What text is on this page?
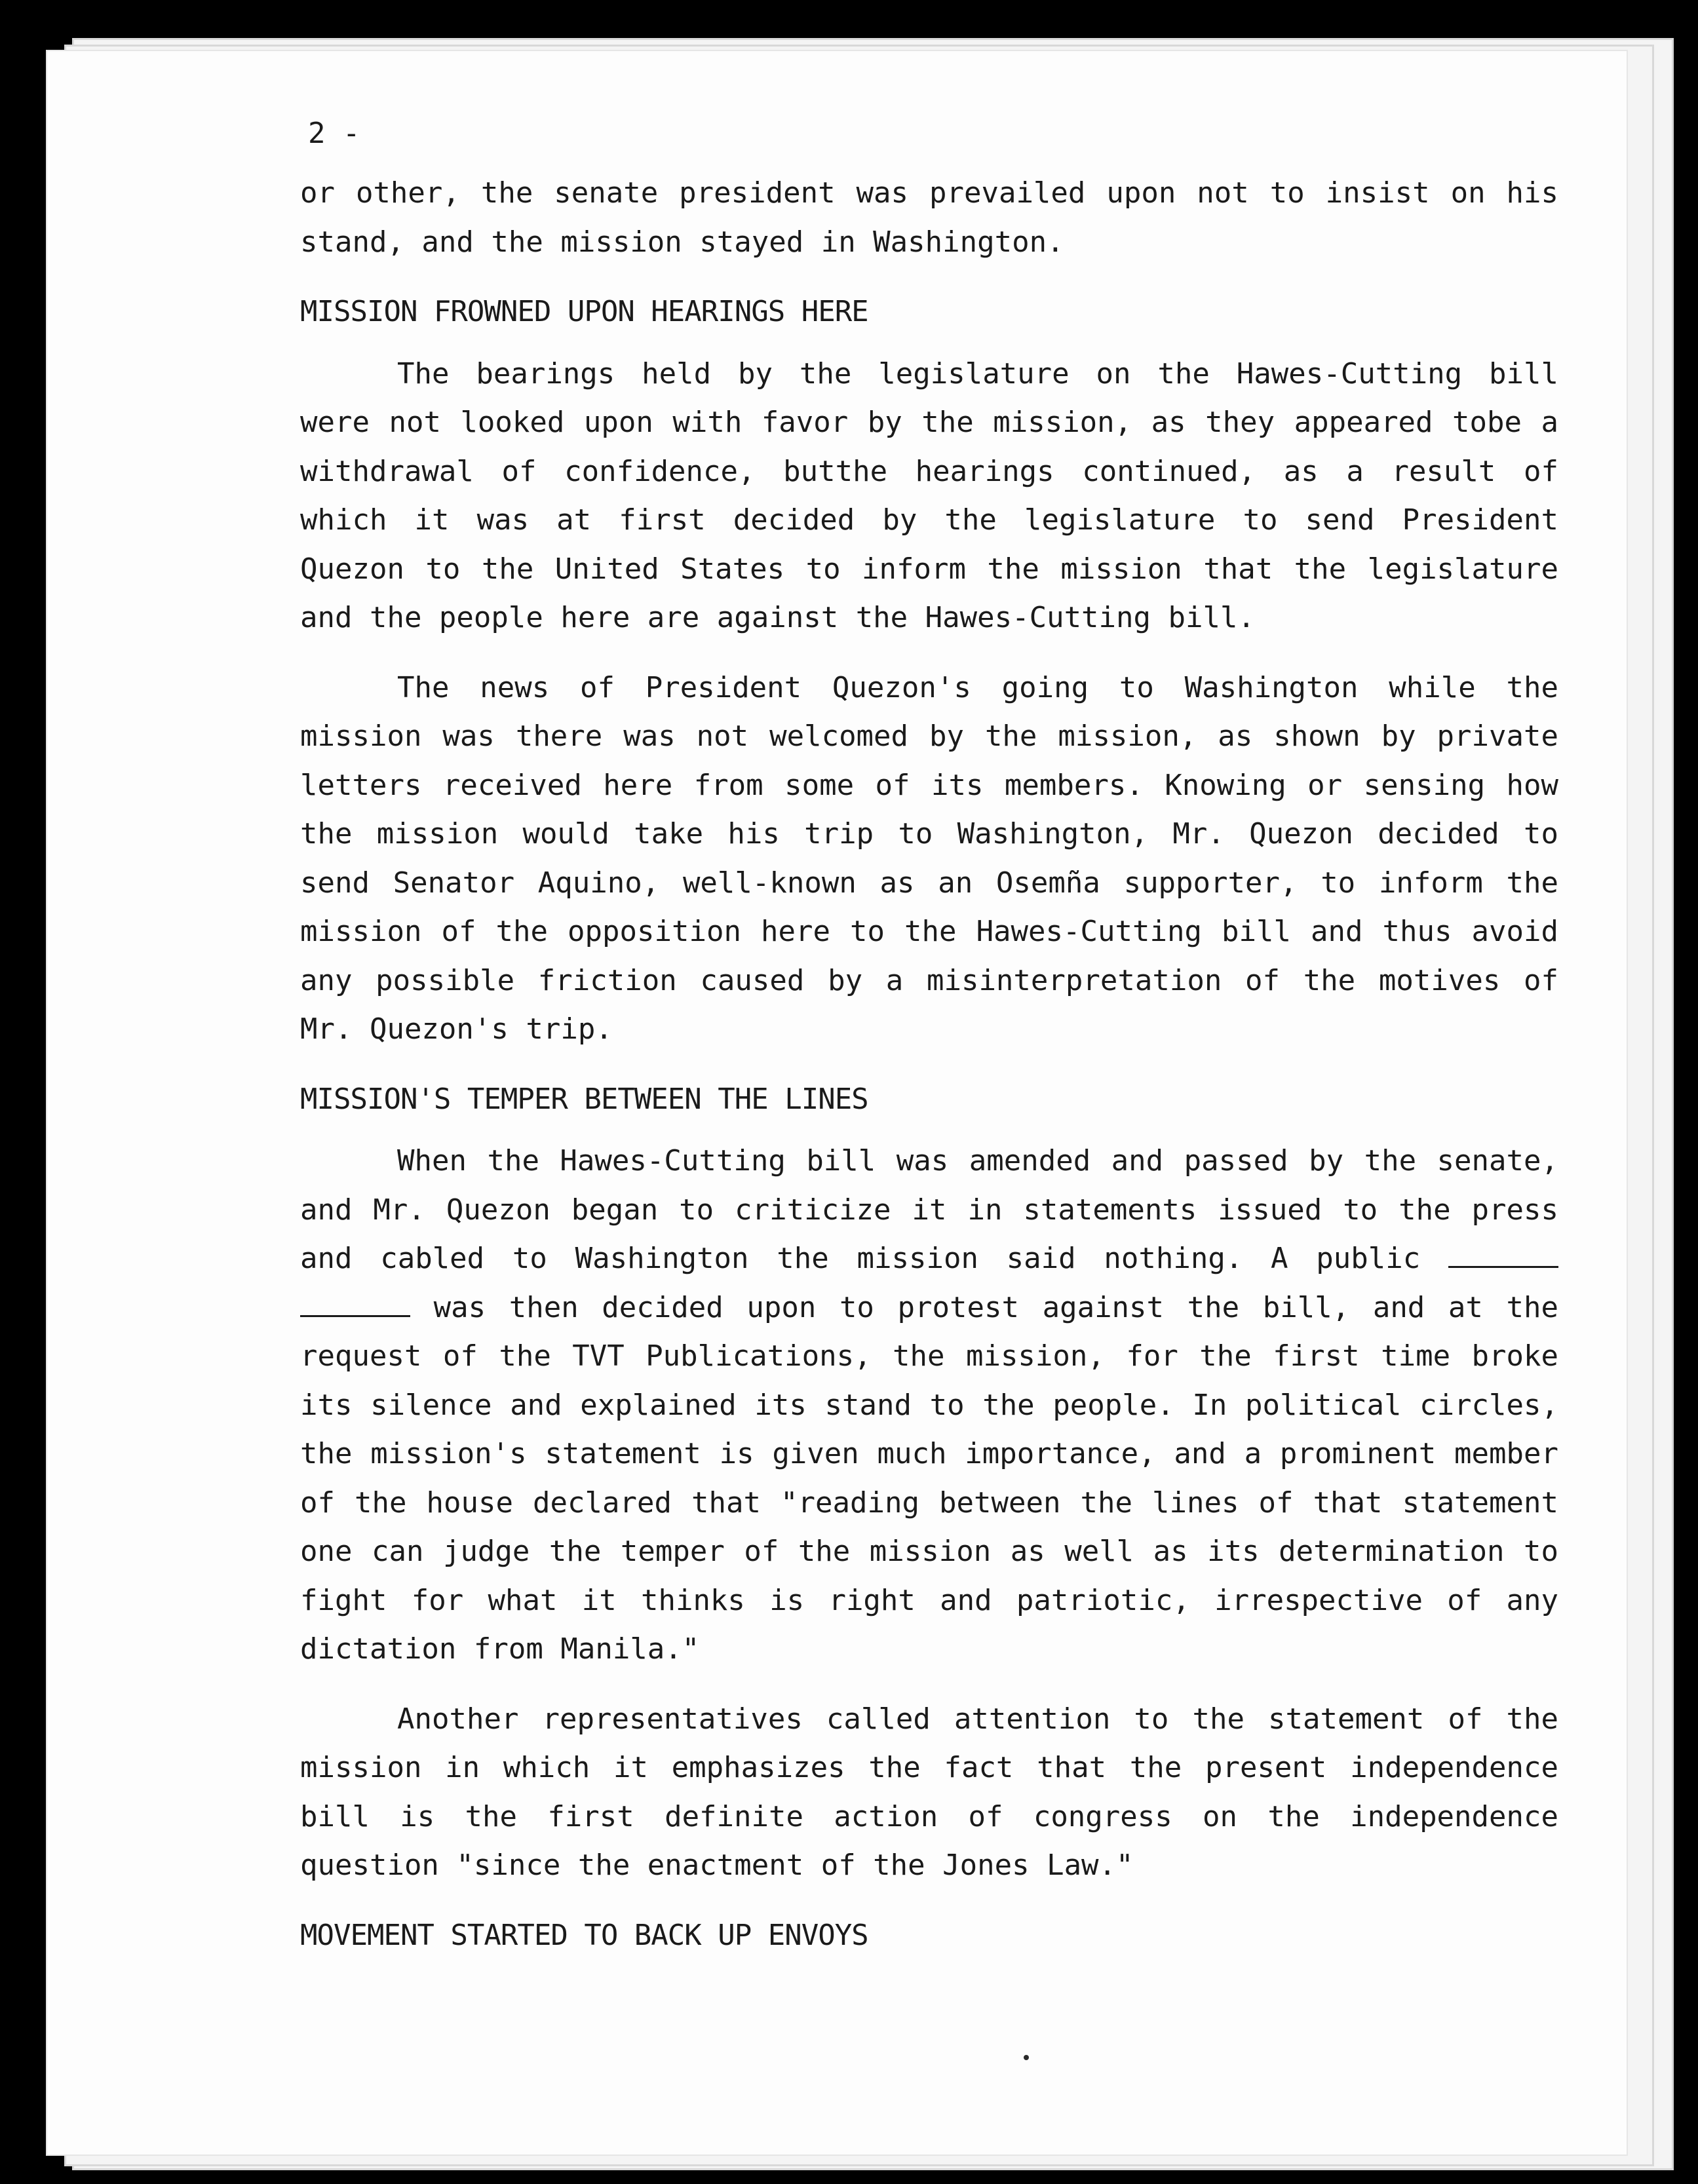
2 -

or other, the senate president was prevailed upon not to insist on his stand, and the mission stayed in Washington.

MISSION FROWNED UPON HEARINGS HERE

The bearings held by the legislature on the Hawes-Cutting bill were not looked upon with favor by the mission, as they appeared tobe a withdrawal of confidence, butthe hearings continued, as a result of which it was at first decided by the legislature to send President Quezon to the United States to inform the mission that the legislature and the people here are against the Hawes-Cutting bill.

The news of President Quezon's going to Washington while the mission was there was not welcomed by the mission, as shown by private letters received here from some of its members. Knowing or sensing how the mission would take his trip to Washington, Mr. Quezon decided to send Senator Aquino, well-known as an Osemña supporter, to inform the mission of the opposition here to the Hawes-Cutting bill and thus avoid any possible friction caused by a misinterpretation of the motives of Mr. Quezon's trip.

MISSION'S TEMPER BETWEEN THE LINES

When the Hawes-Cutting bill was amended and passed by the senate, and Mr. Quezon began to criticize it in statements issued to the press and cabled to Washington the mission said nothing. A public   was then decided upon to protest against the bill, and at the request of the TVT Publications, the mission, for the first time broke its silence and explained its stand to the people. In political circles, the mission's statement is given much importance, and a prominent member of the house declared that "reading between the lines of that statement one can judge the temper of the mission as well as its determination to fight for what it thinks is right and patriotic, irrespective of any dictation from Manila."

Another representatives called attention to the statement of the mission in which it emphasizes the fact that the present independence bill is the first definite action of congress on the independence question "since the enactment of the Jones Law."

MOVEMENT STARTED TO BACK UP ENVOYS
